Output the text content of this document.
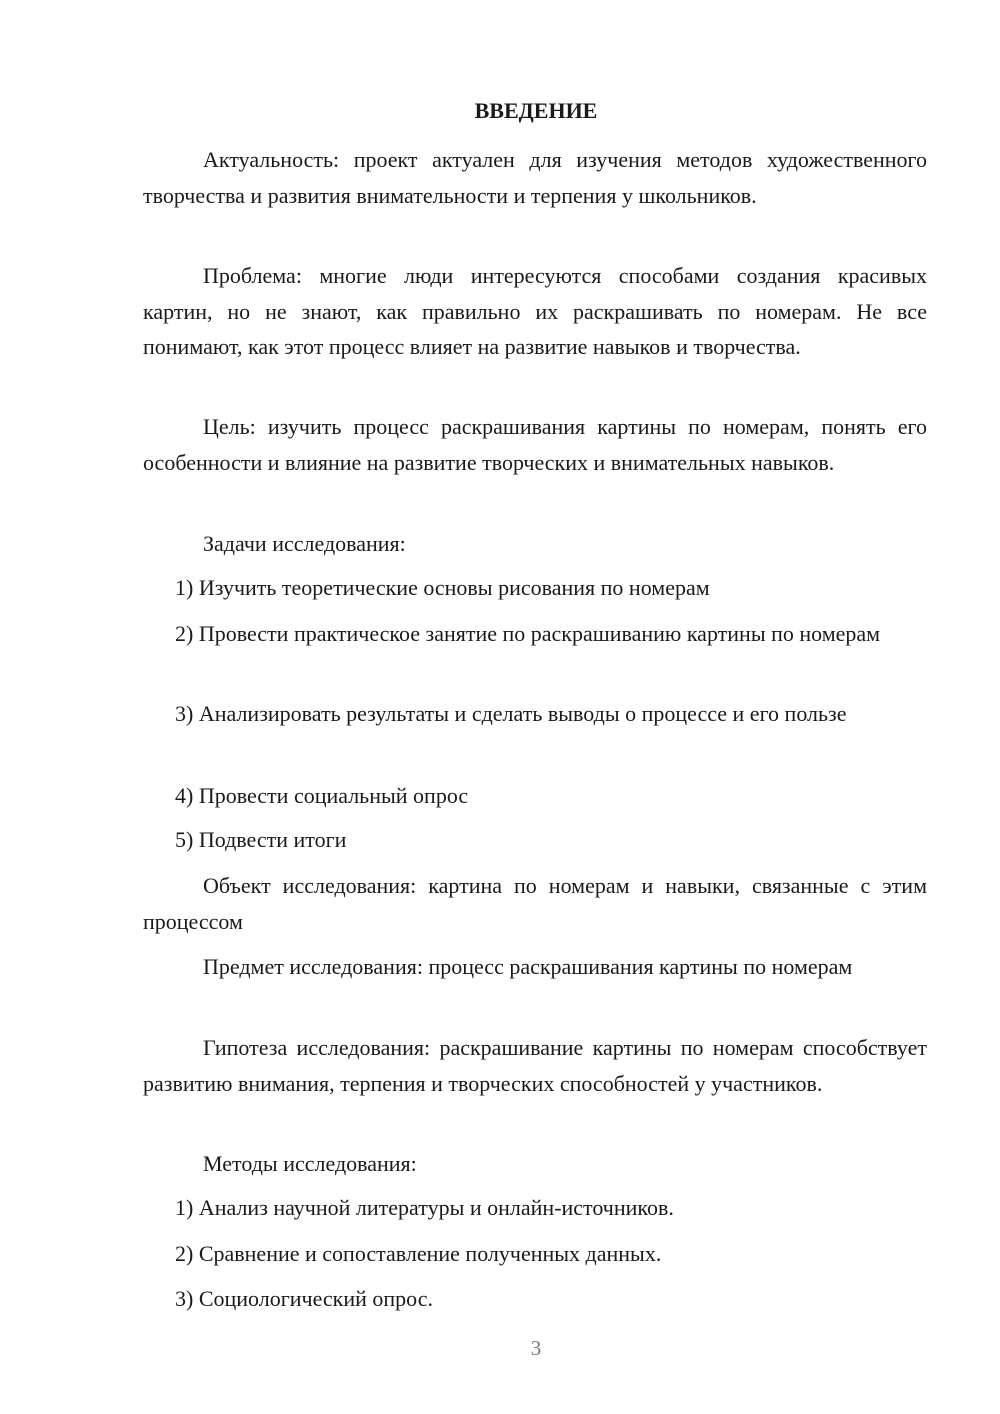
ВВЕДЕНИЕ

Актуальность: проект актуален для изучения методов художественного творчества и развития внимательности и терпения у школьников.

Проблема: многие люди интересуются способами создания красивых картин, но не знают, как правильно их раскрашивать по номерам. Не все понимают, как этот процесс влияет на развитие навыков и творчества.

Цель: изучить процесс раскрашивания картины по номерам, понять его особенности и влияние на развитие творческих и внимательных навыков.

Задачи исследования:

1) Изучить теоретические основы рисования по номерам

2) Провести практическое занятие по раскрашиванию картины по номерам

3) Анализировать результаты и сделать выводы о процессе и его пользе

4) Провести социальный опрос

5) Подвести итоги

Объект исследования: картина по номерам и навыки, связанные с этим процессом

Предмет исследования: процесс раскрашивания картины по номерам

Гипотеза исследования: раскрашивание картины по номерам способствует развитию внимания, терпения и творческих способностей у участников.

Методы исследования:

1) Анализ научной литературы и онлайн-источников.

2) Сравнение и сопоставление полученных данных.

3) Социологический опрос.

3
